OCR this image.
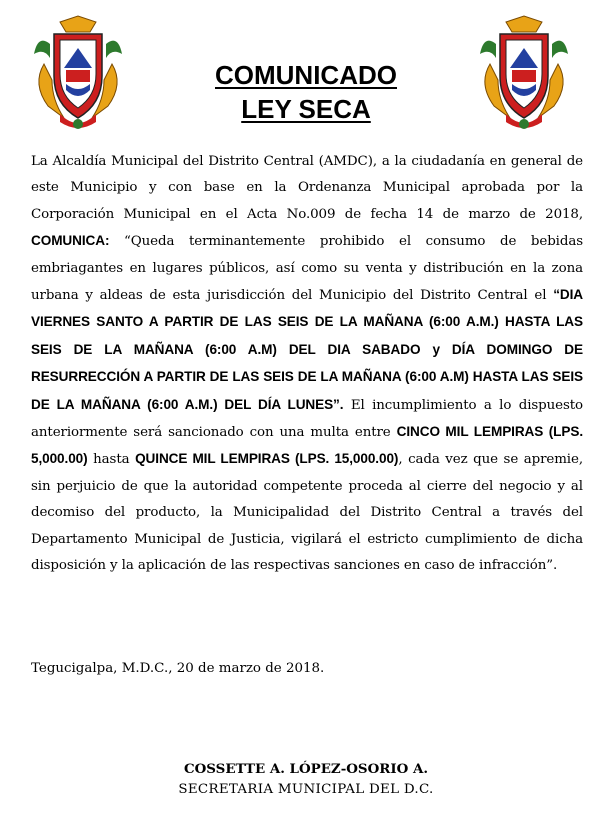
COMUNICADO
LEY SECA
La Alcaldía Municipal del Distrito Central (AMDC), a la ciudadanía en general de este Municipio y con base en la Ordenanza Municipal aprobada por la Corporación Municipal en el Acta No.009 de fecha 14 de marzo de 2018, COMUNICA: “Queda terminantemente prohibido el consumo de bebidas embriagantes en lugares públicos, así como su venta y distribución en la zona urbana y aldeas de esta jurisdicción del Municipio del Distrito Central el “DIA VIERNES SANTO A PARTIR DE LAS SEIS DE LA MAÑANA (6:00 A.M.) HASTA LAS SEIS DE LA MAÑANA (6:00 A.M) DEL DIA SABADO y DÍA DOMINGO DE RESURRECCIÓN A PARTIR DE LAS SEIS DE LA MAÑANA (6:00 A.M) HASTA LAS SEIS DE LA MAÑANA (6:00 A.M.) DEL DÍA LUNES”. El incumplimiento a lo dispuesto anteriormente será sancionado con una multa entre CINCO MIL LEMPIRAS (LPS. 5,000.00) hasta QUINCE MIL LEMPIRAS (LPS. 15,000.00), cada vez que se apremie, sin perjuicio de que la autoridad competente proceda al cierre del negocio y al decomiso del producto, la Municipalidad del Distrito Central a través del Departamento Municipal de Justicia, vigilará el estricto cumplimiento de dicha disposición y la aplicación de las respectivas sanciones en caso de infracción”.
Tegucigalpa, M.D.C., 20 de marzo de 2018.
COSSETTE A. LÓPEZ-OSORIO A.
SECRETARIA MUNICIPAL DEL D.C.
